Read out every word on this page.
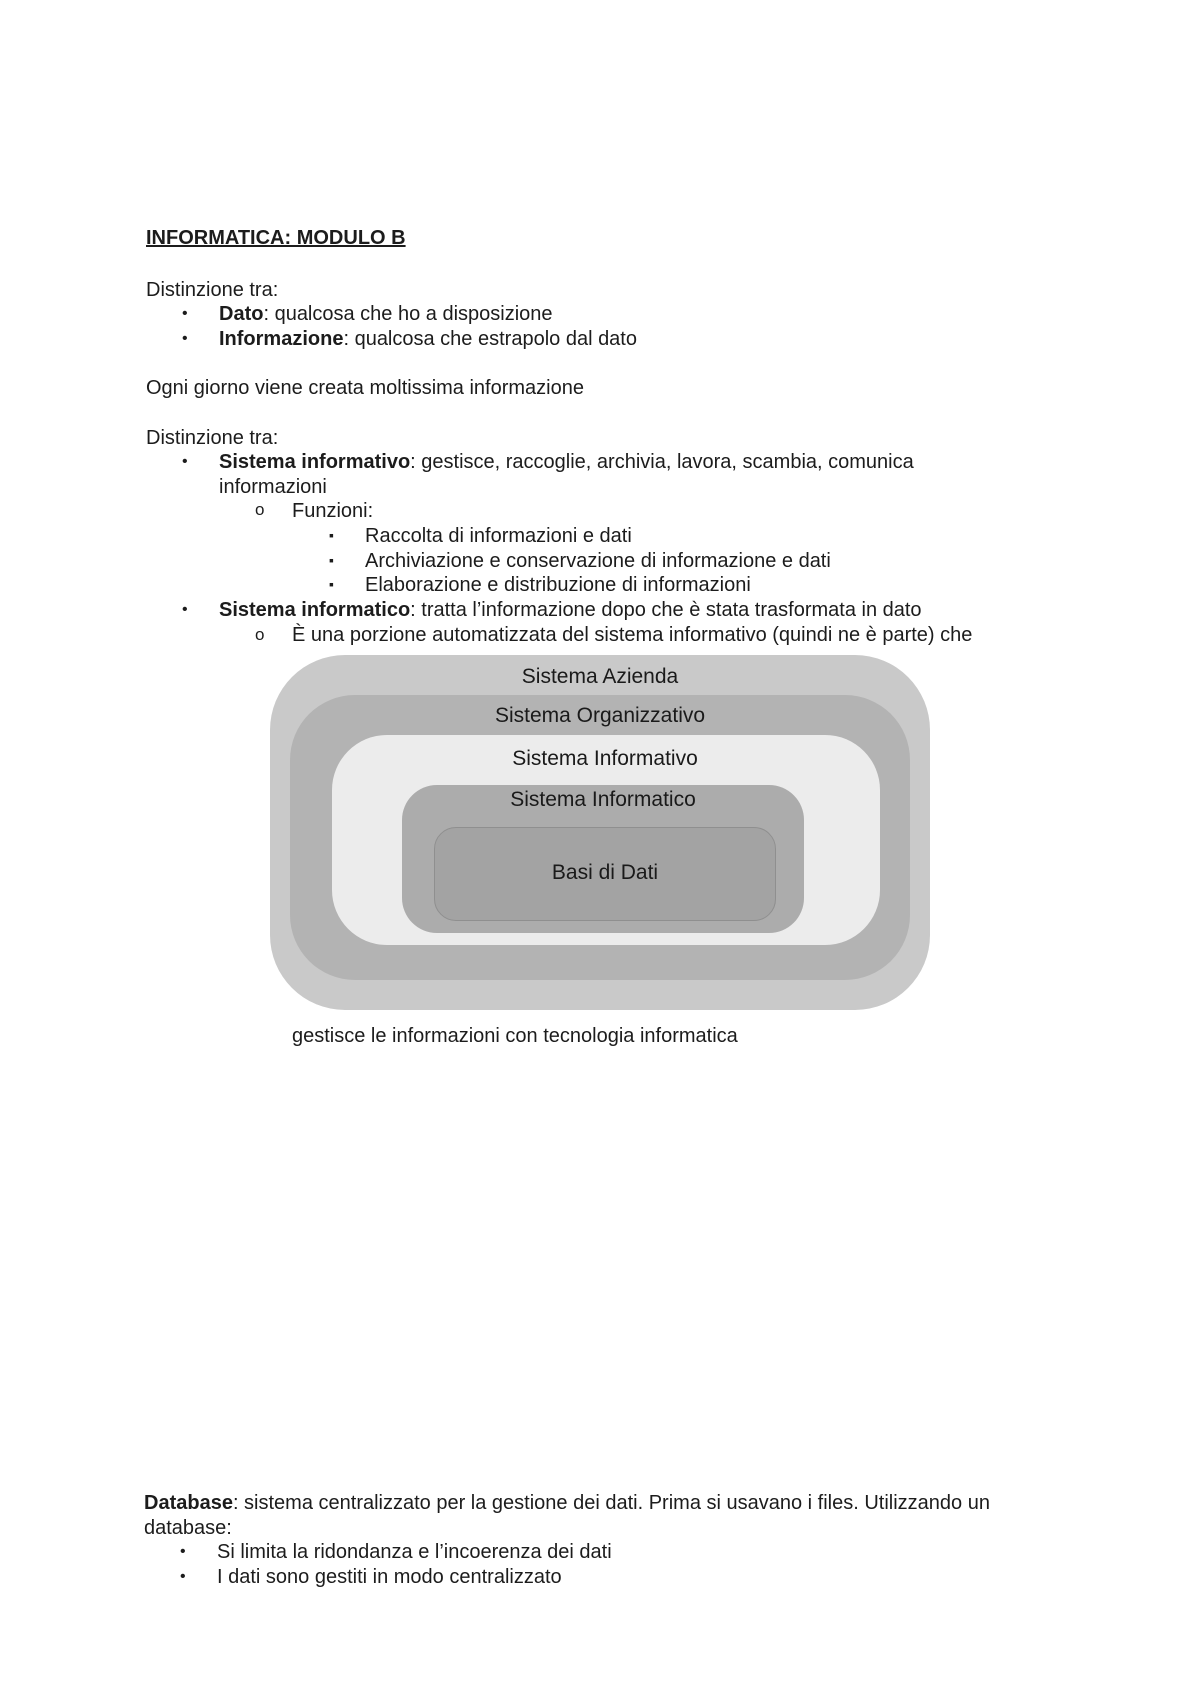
INFORMATICA: MODULO B
Distinzione tra:
• Dato: qualcosa che ho a disposizione
• Informazione: qualcosa che estrapolo dal dato
Ogni giorno viene creata moltissima informazione
Distinzione tra:
• Sistema informativo: gestisce, raccoglie, archivia, lavora, scambia, comunica
informazioni
o Funzioni:
▪ Raccolta di informazioni e dati
▪ Archiviazione e conservazione di informazione e dati
▪ Elaborazione e distribuzione di informazioni
• Sistema informatico: tratta l’informazione dopo che è stata trasformata in dato
o È una porzione automatizzata del sistema informativo (quindi ne è parte) che
Sistema Azienda
Sistema Organizzativo
Sistema Informativo
Sistema Informatico
Basi di Dati
gestisce le informazioni con tecnologia informatica
Database: sistema centralizzato per la gestione dei dati. Prima si usavano i files. Utilizzando un
database:
• Si limita la ridondanza e l’incoerenza dei dati
• I dati sono gestiti in modo centralizzato
